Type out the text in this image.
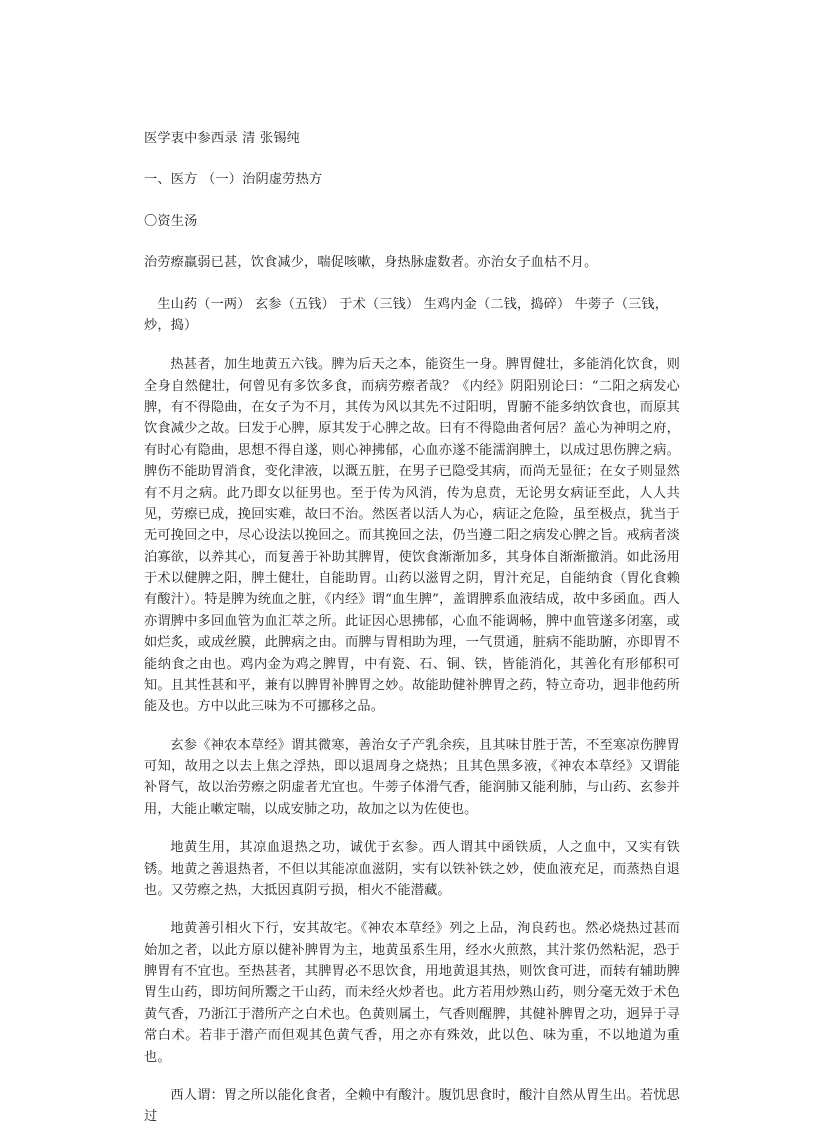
医学衷中参西录 清 张锡纯
一、医方 （一）治阴虚劳热方
〇资生汤
治劳瘵羸弱已甚，饮食减少，喘促咳嗽，身热脉虚数者。亦治女子血枯不月。
生山药（一两） 玄参（五钱） 于术（三钱） 生鸡内金（二钱，捣碎） 牛蒡子（三钱，炒，捣）

热甚者，加生地黄五六钱。脾为后天之本，能资生一身。脾胃健壮，多能消化饮食，则全身自然健壮，何曾见有多饮多食，而病劳瘵者哉？《内经》阴阳别论曰：“二阳之病发心脾，有不得隐曲，在女子为不月，其传为风以其先不过阳明，胃腑不能多纳饮食也，而原其饮食减少之故。曰发于心脾，原其发于心脾之故。曰有不得隐曲者何居？盖心为神明之府，有时心有隐曲，思想不得自遂，则心神拂郁，心血亦遂不能濡润脾土，以成过思伤脾之病。脾伤不能助胃消食，变化津液，以溉五脏，在男子已隐受其病，而尚无显征；在女子则显然有不月之病。此乃即女以征男也。至于传为风消，传为息贲，无论男女病证至此，人人共见，劳瘵已成，挽回实难，故曰不治。然医者以活人为心，病证之危险，虽至极点，犹当于无可挽回之中，尽心设法以挽回之。而其挽回之法，仍当遵二阳之病发心脾之旨。戒病者淡泊寡欲，以养其心，而复善于补助其脾胃，使饮食渐渐加多，其身体自渐渐撤消。如此汤用于术以健脾之阳，脾土健壮，自能助胃。山药以滋胃之阴，胃汁充足，自能纳食（胃化食赖有酸汁）。特是脾为统血之脏，《内经》谓“血生脾”，盖谓脾系血液结成，故中多函血。西人亦谓脾中多回血管为血汇萃之所。此证因心思拂郁，心血不能调畅，脾中血管遂多闭塞，或如烂炙，或成丝膜，此脾病之由。而脾与胃相助为理，一气贯通，脏病不能助腑，亦即胃不能纳食之由也。鸡内金为鸡之脾胃，中有瓷、石、铜、铁，皆能消化，其善化有形郁积可知。且其性甚和平，兼有以脾胃补脾胃之妙。故能助健补脾胃之药，特立奇功，迥非他药所能及也。方中以此三味为不可挪移之品。

玄参《神农本草经》谓其微寒，善治女子产乳余疾，且其味甘胜于苦，不至寒凉伤脾胃可知，故用之以去上焦之浮热，即以退周身之烧热；且其色黑多液，《神农本草经》又谓能补肾气，故以治劳瘵之阴虚者尤宜也。牛蒡子体滑气香，能润肺又能利肺，与山药、玄参并用，大能止嗽定喘，以成安肺之功，故加之以为佐使也。

地黄生用，其凉血退热之功，诚优于玄参。西人谓其中函铁质，人之血中，又实有铁锈。地黄之善退热者，不但以其能凉血滋阴，实有以铁补铁之妙，使血液充足，而蒸热自退也。又劳瘵之热，大抵因真阴亏损，相火不能潜藏。

地黄善引相火下行，安其故宅。《神农本草经》列之上品，洵良药也。然必烧热过甚而始加之者，以此方原以健补脾胃为主，地黄虽系生用，经水火煎熬，其汁浆仍然粘泥，恐于脾胃有不宜也。至热甚者，其脾胃必不思饮食，用地黄退其热，则饮食可进，而转有辅助脾胃生山药，即坊间所鬻之干山药，而未经火炒者也。此方若用炒熟山药，则分毫无效于术色黄气香，乃浙江于潜所产之白术也。色黄则属土，气香则醒脾，其健补脾胃之功，迥异于寻常白术。若非于潜产而但观其色黄气香，用之亦有殊效，此以色、味为重，不以地道为重也。

西人谓：胃之所以能化食者，全赖中有酸汁。腹饥思食时，酸汁自然从胃生出。若忧思过
